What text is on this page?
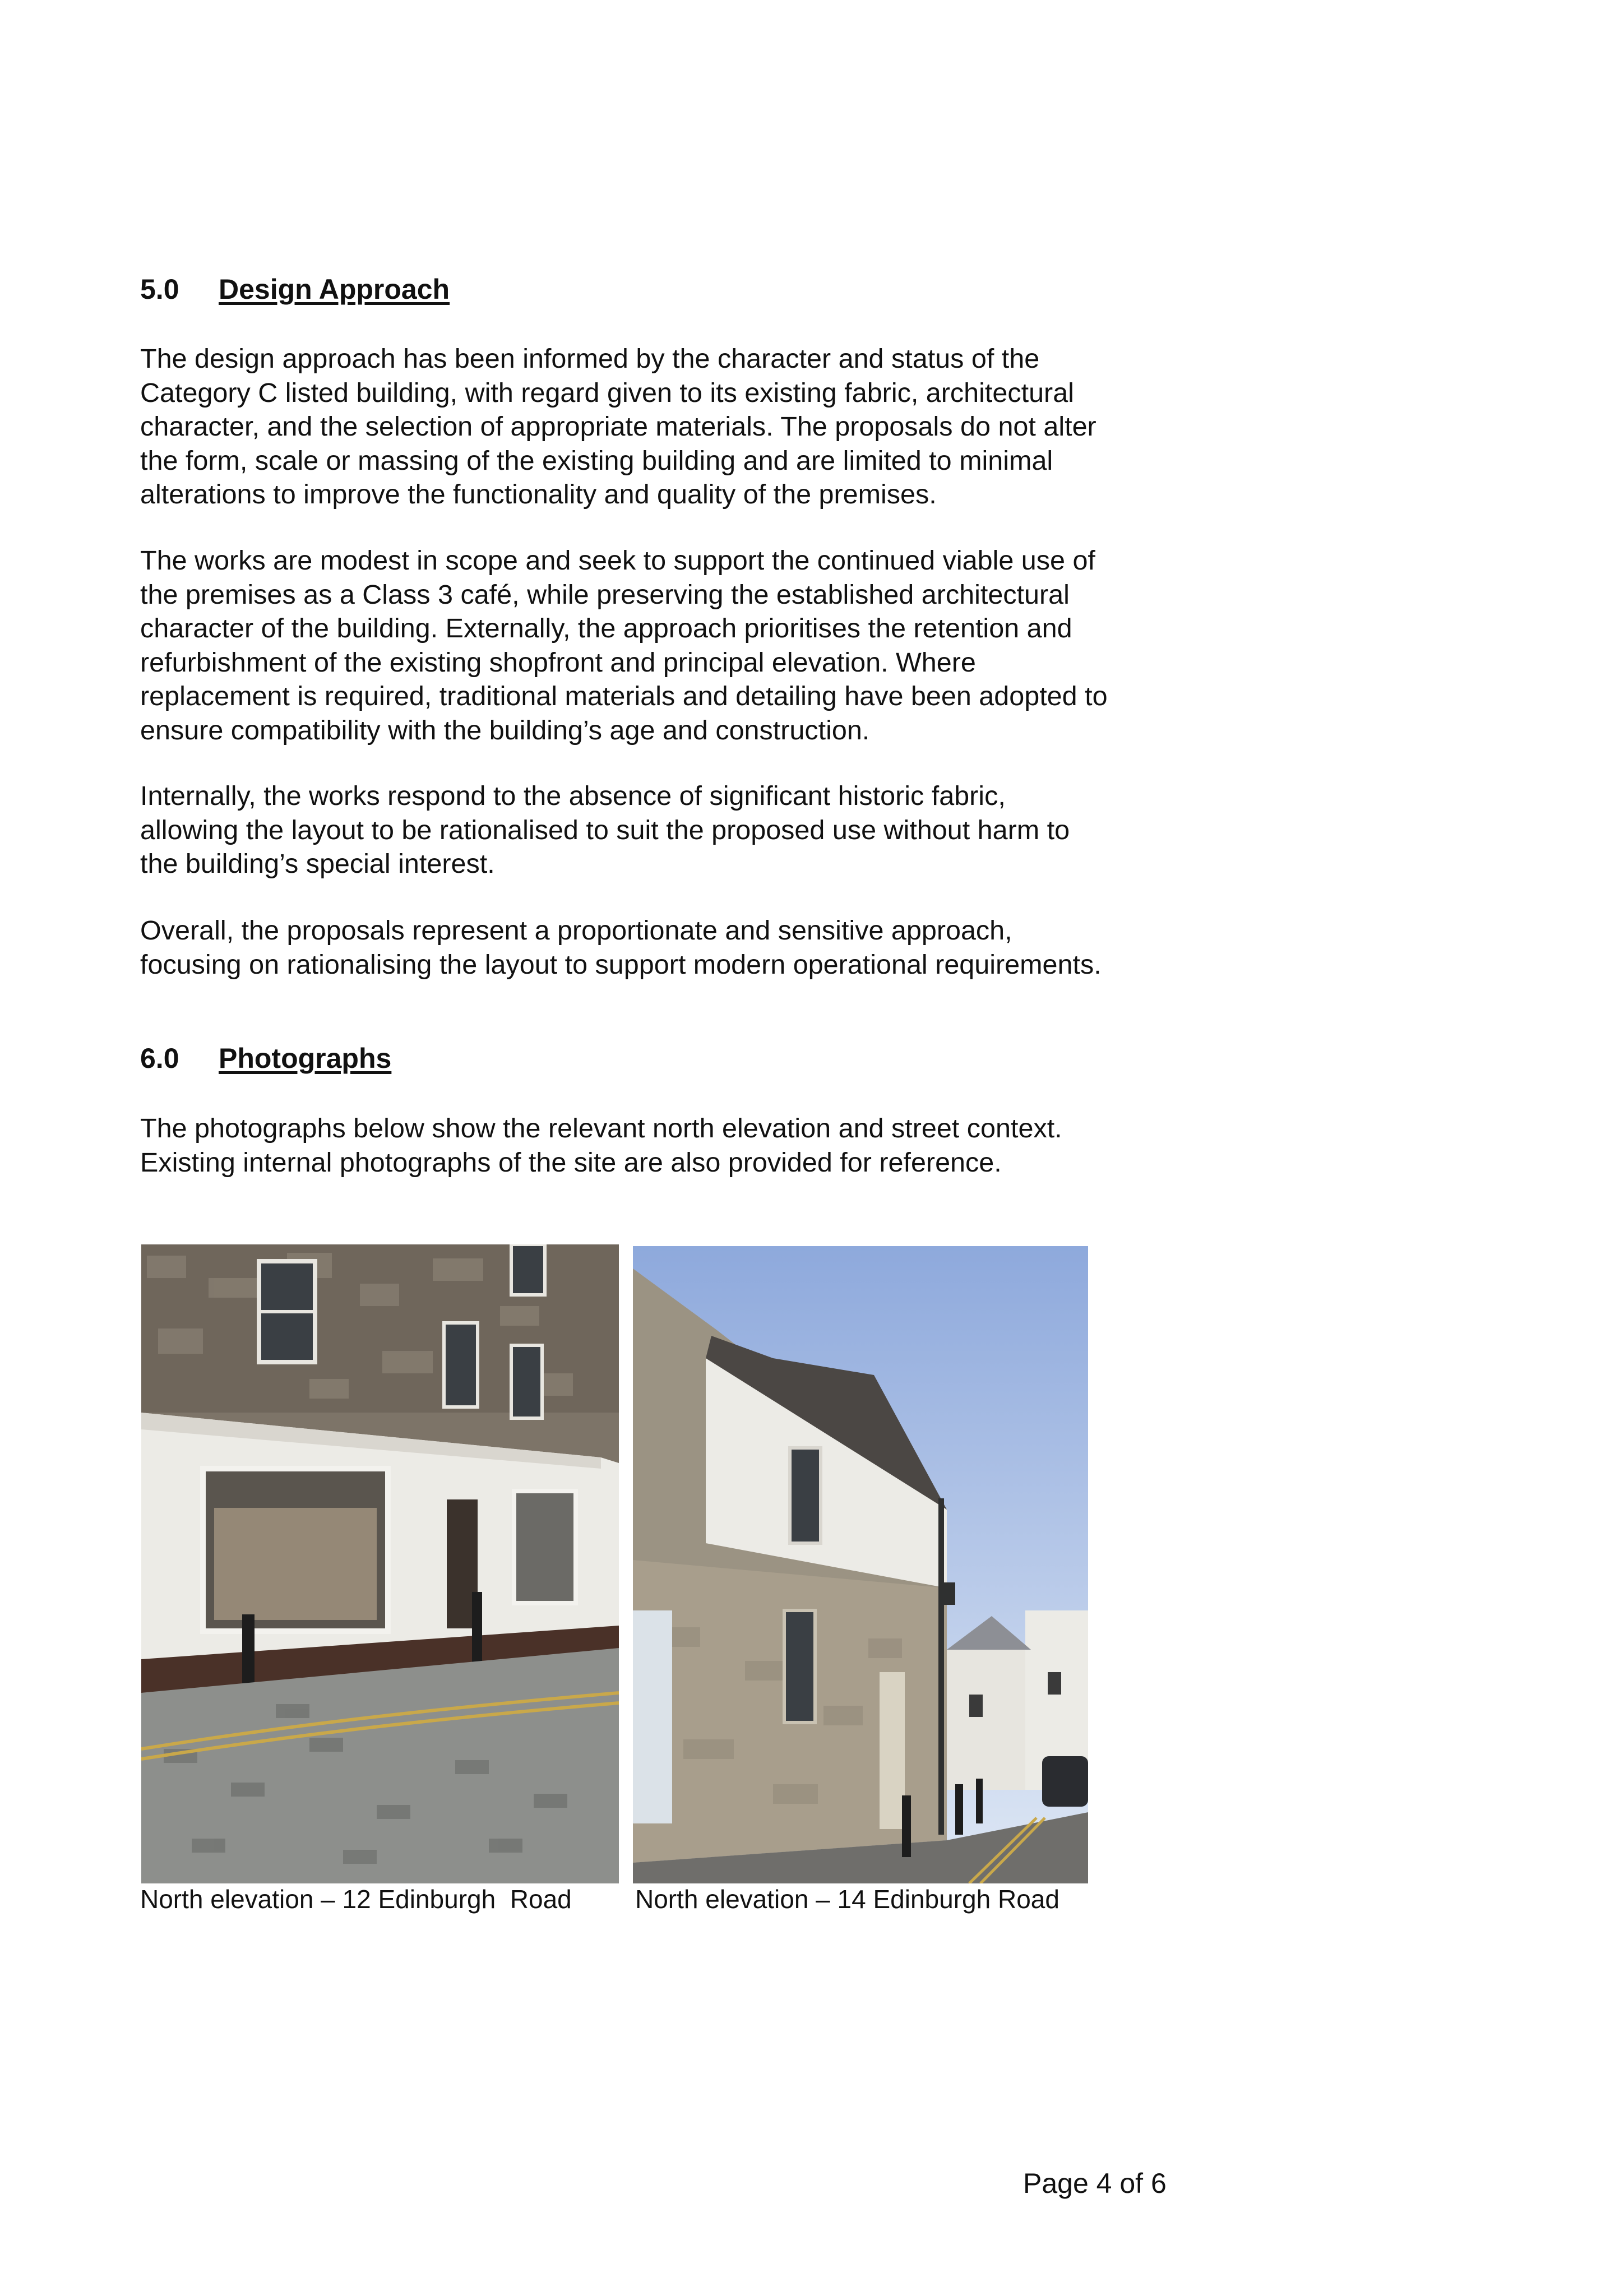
5.0 Design Approach

The design approach has been informed by the character and status of the

Category C listed building, with regard given to its existing fabric, architectural

character, and the selection of appropriate materials. The proposals do not alter

the form, scale or massing of the existing building and are limited to minimal

alterations to improve the functionality and quality of the premises.

The works are modest in scope and seek to support the continued viable use of

the premises as a Class 3 café, while preserving the established architectural

character of the building. Externally, the approach prioritises the retention and

refurbishment of the existing shopfront and principal elevation. Where

replacement is required, traditional materials and detailing have been adopted to

ensure compatibility with the building’s age and construction.

Internally, the works respond to the absence of significant historic fabric,

allowing the layout to be rationalised to suit the proposed use without harm to

the building’s special interest.

Overall, the proposals represent a proportionate and sensitive approach,

focusing on rationalising the layout to support modern operational requirements.

6.0 Photographs

The photographs below show the relevant north elevation and street context.

Existing internal photographs of the site are also provided for reference.

North elevation – 12 Edinburgh  Road North elevation – 14 Edinburgh Road
Page 4 of 6
